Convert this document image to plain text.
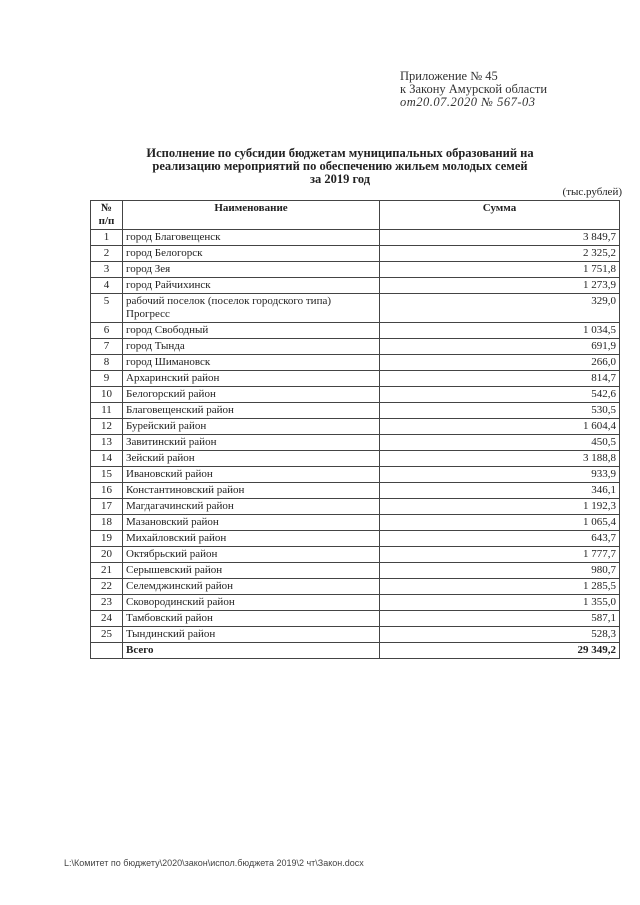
Приложение № 45
к Закону Амурской области
от20.07.2020 № 567-03
Исполнение по субсидии бюджетам муниципальных образований на
реализацию мероприятий по обеспечению жильем молодых семей
за 2019 год
(тыс.рублей)
№
п/п	Наименование	Сумма
1	город Благовещенск	3 849,7
2	город Белогорск	2 325,2
3	город Зея	1 751,8
4	город Райчихинск	1 273,9
5	рабочий поселок (поселок городского типа) Прогресс	329,0
6	город Свободный	1 034,5
7	город Тында	691,9
8	город Шимановск	266,0
9	Архаринский район	814,7
10	Белогорский район	542,6
11	Благовещенский район	530,5
12	Бурейский район	1 604,4
13	Завитинский район	450,5
14	Зейский район	3 188,8
15	Ивановский район	933,9
16	Константиновский район	346,1
17	Магдагачинский район	1 192,3
18	Мазановский район	1 065,4
19	Михайловский район	643,7
20	Октябрьский район	1 777,7
21	Серышевский район	980,7
22	Селемджинский район	1 285,5
23	Сковородинский район	1 355,0
24	Тамбовский район	587,1
25	Тындинский район	528,3
	Всего	29 349,2
L:\Комитет по бюджету\2020\закон\испол.бюджета 2019\2 чт\Закон.docx
